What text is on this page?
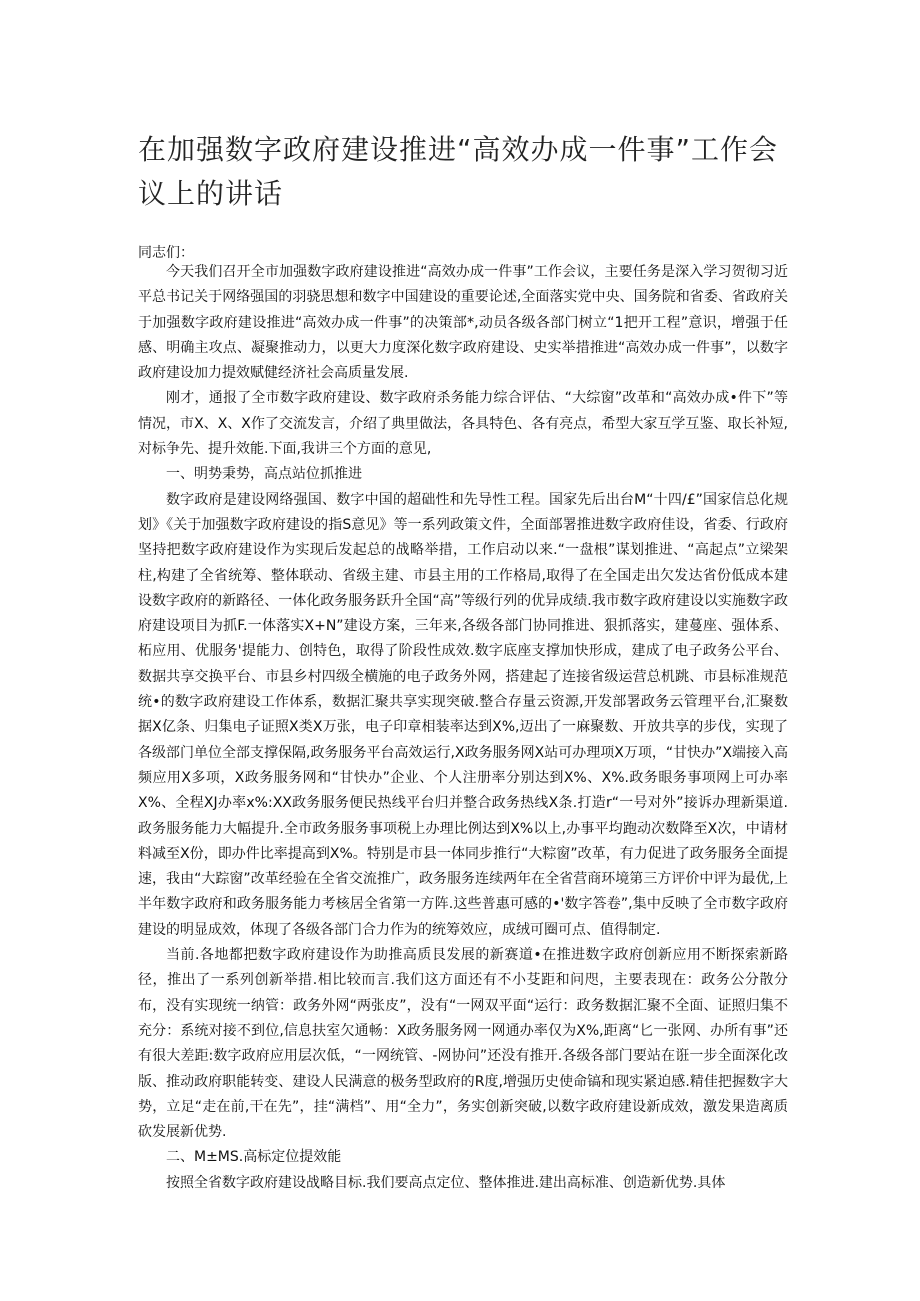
在加强数字政府建设推进“高效办成一件事”工作会议上的讲话
同志们：

今天我们召开全市加强数字政府建设推进“高效办成一件事”工作会议，主要任务是深入学习贺彻习近平总书记关于网络强国的羽骁思想和数字中国建设的重要论述,全面落实党中央、国务院和省委、省政府关于加强数字政府建设推进“高效办成一件事”的决策部*,动员各级各部门树立“1把开工程”意识，增强于任感、明确主攻点、凝聚推动力，以更大力度深化数字政府建设、史实举措推进“高效办成一件事”，以数字政府建设加力提效赋健经济社会高质量发展.

刚才，通报了全市数字政府建设、数字政府杀务能力综合评估、“大综窗”改革和“高效办成•件下”等情况，市X、X、X作了交流发言，介绍了典里做法，各具特色、各有亮点，希型大家互学互鉴、取长补短,对标争先、提升效能.下面,我讲三个方面的意见,

一、明势秉势，高点站位抓推进

数字政府是建设网络强国、数字中国的超础性和先导性工程。国家先后出台M“十四/£”国家信总化规划》《关于加强数字政府建设的指S意见》等一系列政策文件，全面部署推进数字政府佳设，省委、行政府坚持把数字政府建设作为实现后发起总的战略举措，工作启动以来.“一盘根”谋划推进、“高起点”立梁架柱,构建了全省统筹、整体联动、省级主建、市县主用的工作格局,取得了在全国走出欠发达省份低成本建设数字政府的新路径、一体化政务服务跃升全国“高”等级行列的优异成绩.我市数字政府建设以实施数字政府建设项目为抓F.一体落实X+N”建设方案，三年来,各级各部门协同推进、狠抓落实，建蔓座、强体系、柘应用、优服务'提能力、创特色，取得了阶段性成效.数字底座支撑加快形成，建成了电子政务公平台、数据共享交换平台、市县乡村四级全横施的电子政务外网，搭建起了连接省级运营总机跳、市县标准规范统•的数字政府建设工作体系，数据汇聚共享实现突破.整合存量云资源,开发部署政务云管理平台,汇聚数据X亿条、归集电子证照X类X万张，电子印章相装率达到X%,迈出了一麻聚数、开放共享的步伐，实现了各级部门单位全部支撑保隔,政务服务平台高效运行,X政务服务网X站可办理项X万项，“甘快办”X端接入高频应用X多项，X政务服务网和“甘快办”企业、个人注册率分别达到X%、X%.政务眼务事项网上可办率X%、全程XJ办率x%:XX政务服务便民热线平台归并整合政务热线X条.打造r“一号对外”接诉办理新渠道.政务服务能力大幅提升.全市政务服务事项税上办理比例达到X%以上,办事平均跑动次数降至X次，中请材料减至X份，即办件比率提高到X%。特别是市县一体同步推行“大粽窗”改革，有力促进了政务服务全面提速，我由“大踪窗”改革经验在全省交流推广，政务服务连续两年在全省营商环境第三方评价中评为最优,上半年数字政府和政务服务能力考核居全省第一方阵.这些普惠可感的•'数字答卷”,集中反映了全市数字政府建设的明显成效，体现了各级各部门合力作为的统筹效应，成绒可圈可点、值得制定.

当前.各地都把数字政府建设作为助推高质艮发展的新赛道•在推进数字政府创新应用不断探索新路径，推出了一系列创新举措.相比较而言.我们这方面还有不小芟距和问咫，主要表现在：政务公分散分布，没有实现统一纳管：政务外网“两张皮”，没有“一网双平面“运行：政务数据汇聚不全面、证照归集不充分：系统对接不到位,信息扶室欠通畅：X政务服务网一网通办率仅为X%,距离“匕一张网、办所有事”还有很大差距:数字政府应用层次低，“一网统管、-网协问”还没有推开.各级各部门要站在诳一步全面深化改版、推动政府职能转变、建设人民满意的极务型政府的R度,增强历史使命镐和现实紧迫感.精佳把握数字大势，立足“走在前,干在先”，挂“满档”、用“全力”，务实创新突破,以数字政府建设新成效，激发果造离质砍发展新优势.

二、M±MS.高标定位提效能

按照全省数字政府建设战略目标.我们要高点定位、整体推进.建出高标准、创造新优势.具体
